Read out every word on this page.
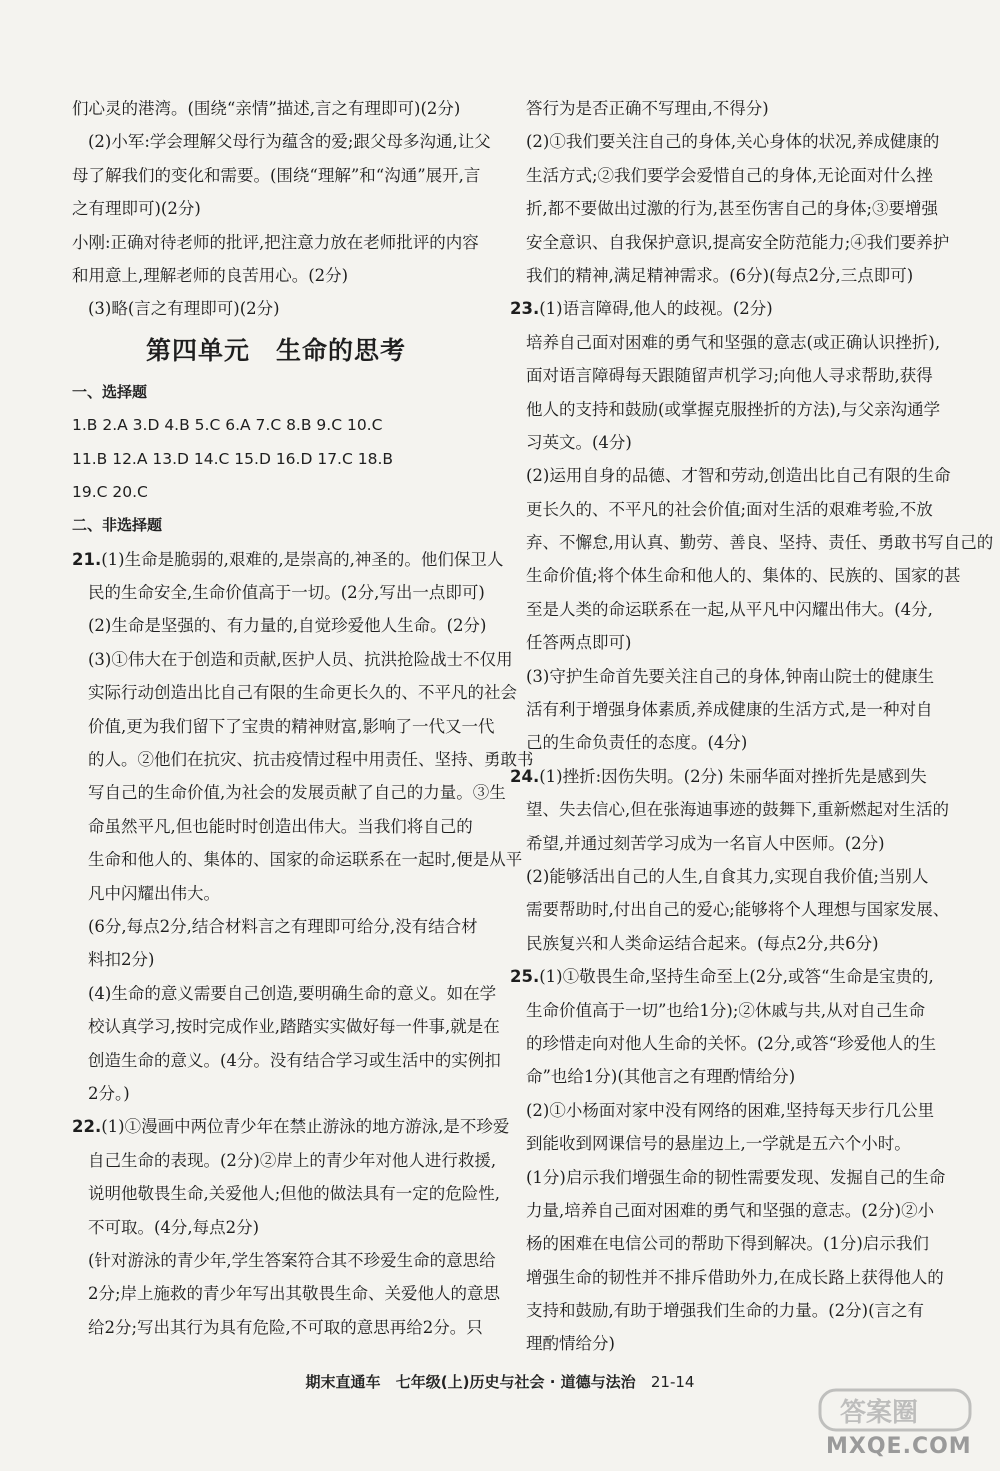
们心灵的港湾。(围绕“亲情”描述,言之有理即可)(2分)
(2)小军:学会理解父母行为蕴含的爱;跟父母多沟通,让父
母了解我们的变化和需要。(围绕“理解”和“沟通”展开,言
之有理即可)(2分)
小刚:正确对待老师的批评,把注意力放在老师批评的内容
和用意上,理解老师的良苦用心。(2分)
(3)略(言之有理即可)(2分)
第四单元 生命的思考
一、选择题
1.B 2.A 3.D 4.B 5.C 6.A 7.C 8.B 9.C 10.C
11.B 12.A 13.D 14.C 15.D 16.D 17.C 18.B
19.C 20.C
二、非选择题
21.(1)生命是脆弱的,艰难的,是崇高的,神圣的。他们保卫人
民的生命安全,生命价值高于一切。(2分,写出一点即可)
(2)生命是坚强的、有力量的,自觉珍爱他人生命。(2分)
(3)①伟大在于创造和贡献,医护人员、抗洪抢险战士不仅用
实际行动创造出比自己有限的生命更长久的、不平凡的社会
价值,更为我们留下了宝贵的精神财富,影响了一代又一代
的人。②他们在抗灾、抗击疫情过程中用责任、坚持、勇敢书
写自己的生命价值,为社会的发展贡献了自己的力量。③生
命虽然平凡,但也能时时创造出伟大。当我们将自己的
生命和他人的、集体的、国家的命运联系在一起时,便是从平
凡中闪耀出伟大。
(6分,每点2分,结合材料言之有理即可给分,没有结合材
料扣2分)
(4)生命的意义需要自己创造,要明确生命的意义。如在学
校认真学习,按时完成作业,踏踏实实做好每一件事,就是在
创造生命的意义。(4分。没有结合学习或生活中的实例扣
2分。)
22.(1)①漫画中两位青少年在禁止游泳的地方游泳,是不珍爱
自己生命的表现。(2分)②岸上的青少年对他人进行救援,
说明他敬畏生命,关爱他人;但他的做法具有一定的危险性,
不可取。(4分,每点2分)
(针对游泳的青少年,学生答案符合其不珍爱生命的意思给
2分;岸上施救的青少年写出其敬畏生命、关爱他人的意思
给2分;写出其行为具有危险,不可取的意思再给2分。只
答行为是否正确不写理由,不得分)
(2)①我们要关注自己的身体,关心身体的状况,养成健康的
生活方式;②我们要学会爱惜自己的身体,无论面对什么挫
折,都不要做出过激的行为,甚至伤害自己的身体;③要增强
安全意识、自我保护意识,提高安全防范能力;④我们要养护
我们的精神,满足精神需求。(6分)(每点2分,三点即可)
23.(1)语言障碍,他人的歧视。(2分)
培养自己面对困难的勇气和坚强的意志(或正确认识挫折),
面对语言障碍每天跟随留声机学习;向他人寻求帮助,获得
他人的支持和鼓励(或掌握克服挫折的方法),与父亲沟通学
习英文。(4分)
(2)运用自身的品德、才智和劳动,创造出比自己有限的生命
更长久的、不平凡的社会价值;面对生活的艰难考验,不放
弃、不懈怠,用认真、勤劳、善良、坚持、责任、勇敢书写自己的
生命价值;将个体生命和他人的、集体的、民族的、国家的甚
至是人类的命运联系在一起,从平凡中闪耀出伟大。(4分,
任答两点即可)
(3)守护生命首先要关注自己的身体,钟南山院士的健康生
活有利于增强身体素质,养成健康的生活方式,是一种对自
己的生命负责任的态度。(4分)
24.(1)挫折:因伤失明。(2分) 朱丽华面对挫折先是感到失
望、失去信心,但在张海迪事迹的鼓舞下,重新燃起对生活的
希望,并通过刻苦学习成为一名盲人中医师。(2分)
(2)能够活出自己的人生,自食其力,实现自我价值;当别人
需要帮助时,付出自己的爱心;能够将个人理想与国家发展、
民族复兴和人类命运结合起来。(每点2分,共6分)
25.(1)①敬畏生命,坚持生命至上(2分,或答“生命是宝贵的,
生命价值高于一切”也给1分);②休戚与共,从对自己生命
的珍惜走向对他人生命的关怀。(2分,或答“珍爱他人的生
命”也给1分)(其他言之有理酌情给分)
(2)①小杨面对家中没有网络的困难,坚持每天步行几公里
到能收到网课信号的悬崖边上,一学就是五六个小时。
(1分)启示我们增强生命的韧性需要发现、发掘自己的生命
力量,培养自己面对困难的勇气和坚强的意志。(2分)②小
杨的困难在电信公司的帮助下得到解决。(1分)启示我们
增强生命的韧性并不排斥借助外力,在成长路上获得他人的
支持和鼓励,有助于增强我们生命的力量。(2分)(言之有
理酌情给分)
期末直通车 七年级(上)历史与社会 · 道德与法治 21-14
答案圈
MXQE.COM
